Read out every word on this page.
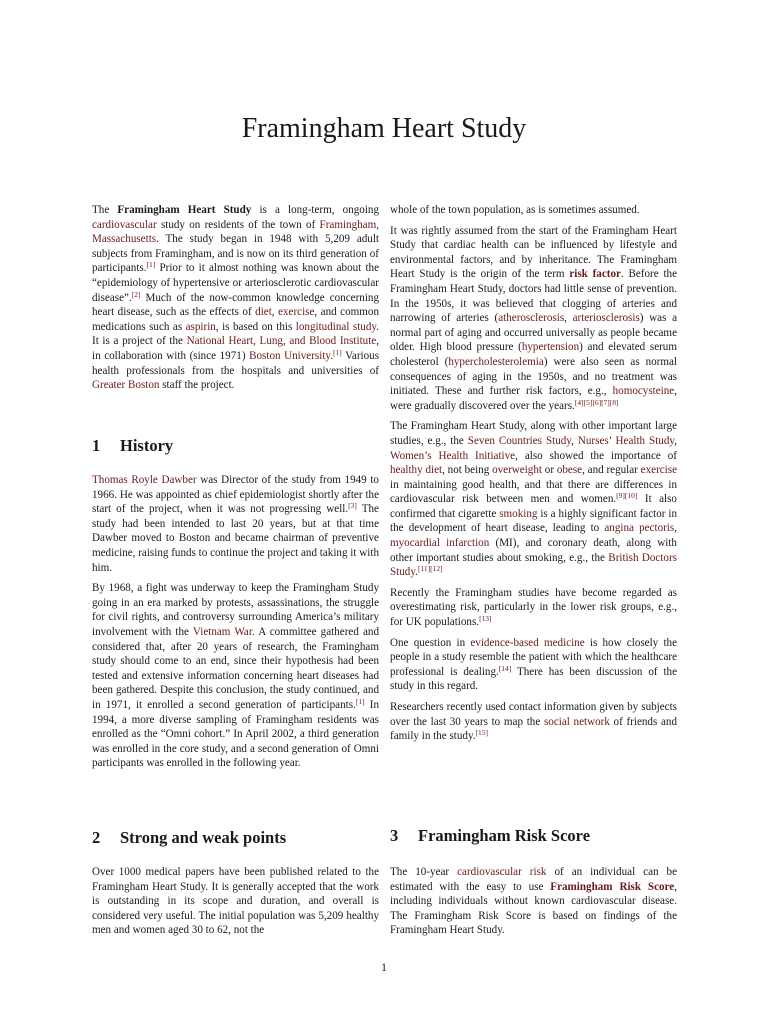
Framingham Heart Study

The Framingham Heart Study is a long-term, ongoing cardiovascular study on residents of the town of Framingham, Massachusetts. The study began in 1948 with 5,209 adult subjects from Framingham, and is now on its third generation of participants.[1] Prior to it almost nothing was known about the “epidemiology of hypertensive or arteriosclerotic cardiovascular disease”.[2] Much of the now-common knowledge concerning heart disease, such as the effects of diet, exercise, and common medications such as aspirin, is based on this longitudinal study. It is a project of the National Heart, Lung, and Blood Institute, in collaboration with (since 1971) Boston University.[1] Various health professionals from the hospitals and universities of Greater Boston staff the project.

1 History

Thomas Royle Dawber was Director of the study from 1949 to 1966. He was appointed as chief epidemiologist shortly after the start of the project, when it was not progressing well.[3] The study had been intended to last 20 years, but at that time Dawber moved to Boston and became chairman of preventive medicine, raising funds to continue the project and taking it with him.

By 1968, a fight was underway to keep the Framingham Study going in an era marked by protests, assassinations, the struggle for civil rights, and controversy surrounding America’s military involvement with the Vietnam War. A committee gathered and considered that, after 20 years of research, the Framingham study should come to an end, since their hypothesis had been tested and extensive information concerning heart diseases had been gathered. Despite this conclusion, the study continued, and in 1971, it enrolled a second generation of participants.[1] In 1994, a more diverse sampling of Framingham residents was enrolled as the “Omni cohort.” In April 2002, a third generation was enrolled in the core study, and a second generation of Omni participants was enrolled in the following year.

2 Strong and weak points

Over 1000 medical papers have been published related to the Framingham Heart Study. It is generally accepted that the work is outstanding in its scope and duration, and overall is considered very useful. The initial population was 5,209 healthy men and women aged 30 to 62, not the

whole of the town population, as is sometimes assumed.

It was rightly assumed from the start of the Framingham Heart Study that cardiac health can be influenced by lifestyle and environmental factors, and by inheritance. The Framingham Heart Study is the origin of the term risk factor. Before the Framingham Heart Study, doctors had little sense of prevention. In the 1950s, it was believed that clogging of arteries and narrowing of arteries (atherosclerosis, arteriosclerosis) was a normal part of aging and occurred universally as people became older. High blood pressure (hypertension) and elevated serum cholesterol (hypercholesterolemia) were also seen as normal consequences of aging in the 1950s, and no treatment was initiated. These and further risk factors, e.g., homocysteine, were gradually discovered over the years.[4][5][6][7][8]

The Framingham Heart Study, along with other important large studies, e.g., the Seven Countries Study, Nurses’ Health Study, Women’s Health Initiative, also showed the importance of healthy diet, not being overweight or obese, and regular exercise in maintaining good health, and that there are differences in cardiovascular risk between men and women.[9][10] It also confirmed that cigarette smoking is a highly significant factor in the development of heart disease, leading to angina pectoris, myocardial infarction (MI), and coronary death, along with other important studies about smoking, e.g., the British Doctors Study.[11][12]

Recently the Framingham studies have become regarded as overestimating risk, particularly in the lower risk groups, e.g., for UK populations.[13]

One question in evidence-based medicine is how closely the people in a study resemble the patient with which the healthcare professional is dealing.[14] There has been discussion of the study in this regard.

Researchers recently used contact information given by subjects over the last 30 years to map the social network of friends and family in the study.[15]

3 Framingham Risk Score

The 10-year cardiovascular risk of an individual can be estimated with the easy to use Framingham Risk Score, including individuals without known cardiovascular disease. The Framingham Risk Score is based on findings of the Framingham Heart Study.

1
